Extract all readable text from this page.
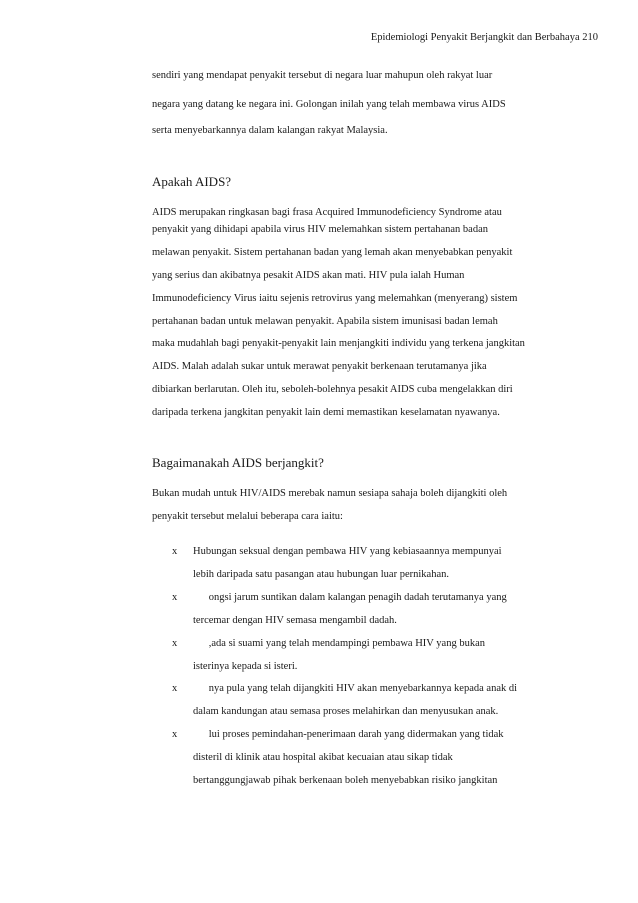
Epidemiologi Penyakit Berjangkit dan Berbahaya 210
sendiri yang mendapat penyakit tersebut di negara luar mahupun oleh rakyat luar
negara yang datang ke negara ini. Golongan inilah yang telah membawa virus AIDS
serta menyebarkannya dalam kalangan rakyat Malaysia.
Apakah AIDS?
AIDS merupakan ringkasan bagi frasa Acquired Immunodeficiency Syndrome atau
penyakit yang dihidapi apabila virus HIV melemahkan sistem pertahanan badan
melawan penyakit. Sistem pertahanan badan yang lemah akan menyebabkan penyakit
yang serius dan akibatnya pesakit AIDS akan mati. HIV pula ialah Human
Immunodeficiency Virus iaitu sejenis retrovirus yang melemahkan (menyerang) sistem
pertahanan badan untuk melawan penyakit. Apabila sistem imunisasi badan lemah
maka mudahlah bagi penyakit-penyakit lain menjangkiti individu yang terkena jangkitan
AIDS. Malah adalah sukar untuk merawat penyakit berkenaan terutamanya jika
dibiarkan berlarutan. Oleh itu, seboleh-bolehnya pesakit AIDS cuba mengelakkan diri
daripada terkena jangkitan penyakit lain demi memastikan keselamatan nyawanya.
Bagaimanakah AIDS berjangkit?
Bukan mudah untuk HIV/AIDS merebak namun sesiapa sahaja boleh dijangkiti oleh
penyakit tersebut melalui beberapa cara iaitu:
x Hubungan seksual dengan pembawa HIV yang kebiasaannya mempunyai
lebih daripada satu pasangan atau hubungan luar pernikahan.
x ongsi jarum suntikan dalam kalangan penagih dadah terutamanya yang
tercemar dengan HIV semasa mengambil dadah.
x ,ada si suami yang telah mendampingi pembawa HIV yang bukan
isterinya kepada si isteri.
x nya pula yang telah dijangkiti HIV akan menyebarkannya kepada anak di
dalam kandungan atau semasa proses melahirkan dan menyusukan anak.
x lui proses pemindahan-penerimaan darah yang didermakan yang tidak
disteril di klinik atau hospital akibat kecuaian atau sikap tidak
bertanggungjawab pihak berkenaan boleh menyebabkan risiko jangkitan
